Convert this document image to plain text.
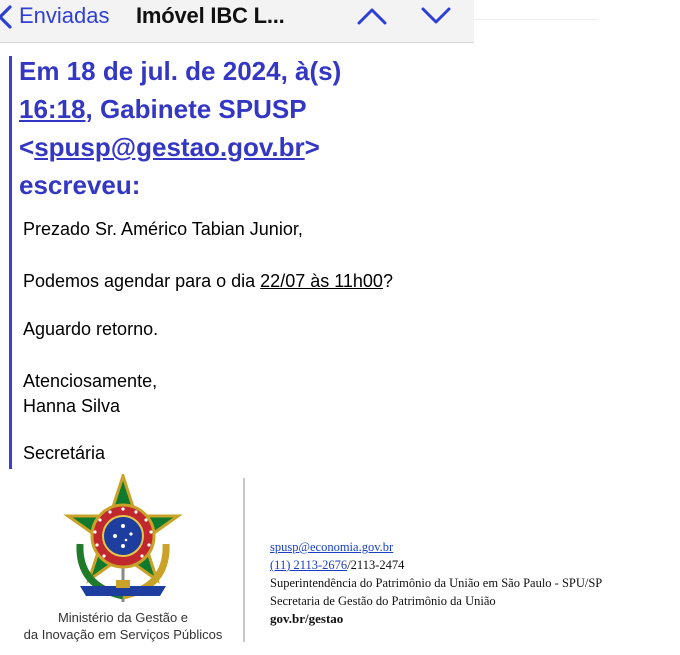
Enviadas Imóvel IBC L...
Em 18 de jul. de 2024, à(s)
16:18, Gabinete SPUSP
<spusp@gestao.gov.br>
escreveu:
Prezado Sr. Américo Tabian Junior,
Podemos agendar para o dia 22/07 às 11h00?
Aguardo retorno.
Atenciosamente,
Hanna Silva
Secretária
Ministério da Gestão e
da Inovação em Serviços Públicos
spusp@economia.gov.br
(11) 2113-2676/2113-2474
Superintendência do Patrimônio da União em São Paulo - SPU/SP
Secretaria de Gestão do Patrimônio da União
gov.br/gestao
